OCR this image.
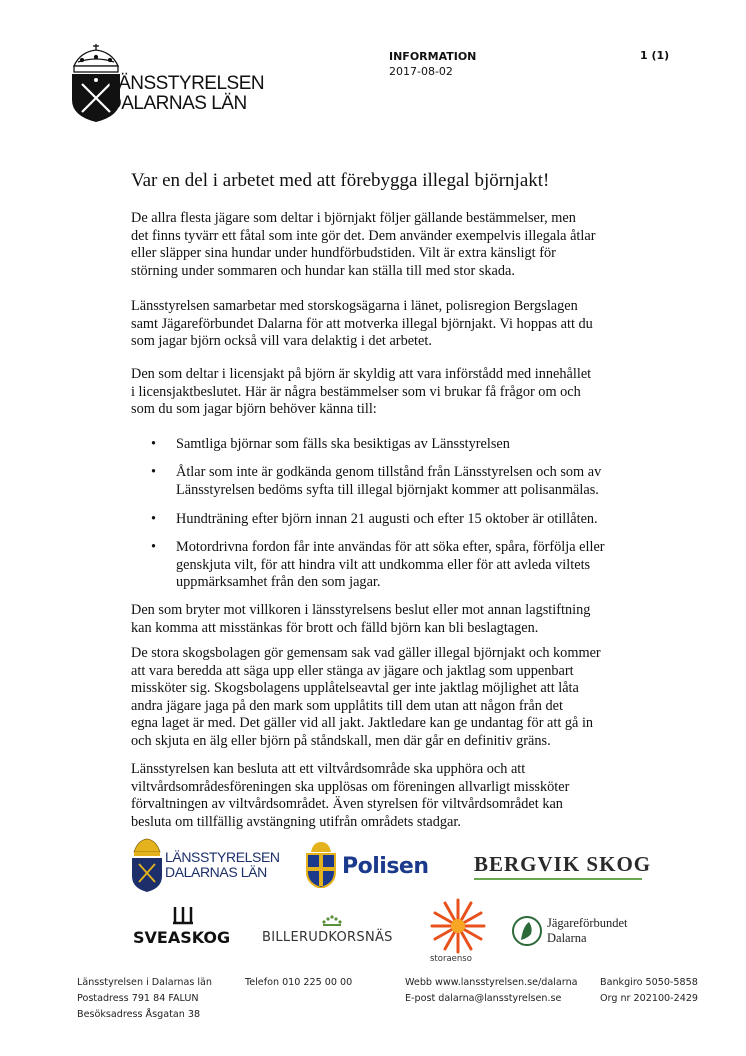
LÄNSSTYRELSEN
DALARNAS LÄN
INFORMATION
2017-08-02
1 (1)
Var en del i arbetet med att förebygga illegal björnjakt!

De allra flesta jägare som deltar i björnjakt följer gällande bestämmelser, men

det finns tyvärr ett fåtal som inte gör det. Dem använder exempelvis illegala åtlar

eller släpper sina hundar under hundförbudstiden. Vilt är extra känsligt för

störning under sommaren och hundar kan ställa till med stor skada.

Länsstyrelsen samarbetar med storskogsägarna i länet, polisregion Bergslagen

samt Jägareförbundet Dalarna för att motverka illegal björnjakt. Vi hoppas att du

som jagar björn också vill vara delaktig i det arbetet.

Den som deltar i licensjakt på björn är skyldig att vara införstådd med innehållet

i licensjaktbeslutet. Här är några bestämmelser som vi brukar få frågor om och

som du som jagar björn behöver känna till:

• Samtliga björnar som fälls ska besiktigas av Länsstyrelsen

• Åtlar som inte är godkända genom tillstånd från Länsstyrelsen och som av

Länsstyrelsen bedöms syfta till illegal björnjakt kommer att polisanmälas.

• Hundträning efter björn innan 21 augusti och efter 15 oktober är otillåten.

• Motordrivna fordon får inte användas för att söka efter, spåra, förfölja eller

genskjuta vilt, för att hindra vilt att undkomma eller för att avleda viltets

uppmärksamhet från den som jagar.

Den som bryter mot villkoren i länsstyrelsens beslut eller mot annan lagstiftning

kan komma att misstänkas för brott och fälld björn kan bli beslagtagen.

De stora skogsbolagen gör gemensam sak vad gäller illegal björnjakt och kommer

att vara beredda att säga upp eller stänga av jägare och jaktlag som uppenbart

missköter sig. Skogsbolagens upplåtelseavtal ger inte jaktlag möjlighet att låta

andra jägare jaga på den mark som upplåtits till dem utan att någon från det

egna laget är med. Det gäller vid all jakt. Jaktledare kan ge undantag för att gå in

och skjuta en älg eller björn på ståndskall, men där går en definitiv gräns.

Länsstyrelsen kan besluta att ett viltvårdsområde ska upphöra och att

viltvårdsområdesföreningen ska upplösas om föreningen allvarligt missköter

förvaltningen av viltvårdsområdet. Även styrelsen för viltvårdsområdet kan

besluta om tillfällig avstängning utifrån områdets stadgar.

LÄNSSTYRELSEN
DALARNAS LÄN	Polisen BERGVIK SKOG
SVEASKOG BILLERUDKORSNÄS
storaenso
Jägareförbundet
Dalarna
Länsstyrelsen i Dalarnas län
Postadress 791 84 FALUN
Besöksadress Åsgatan 38
Telefon 010 225 00 00	Webb www.lansstyrelsen.se/dalarna
E-post dalarna@lansstyrelsen.se
Bankgiro 5050-5858
Org nr 202100-2429
